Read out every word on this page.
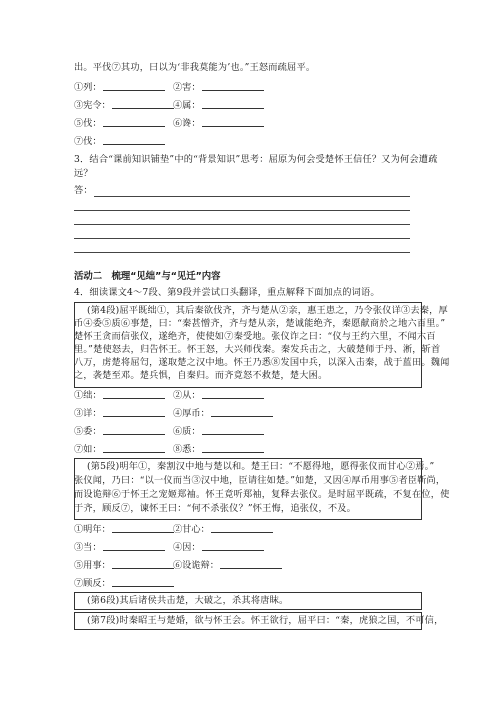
出。平伐⑦其功，曰以为‘非我莫能为’也。”王怒而疏屈平。
①列：	②害：
③宪令：	④属：
⑤伐：	⑥谗：
⑦伐：
3．结合“课前知识铺垫”中的“背景知识”思考：屈原为何会受楚怀王信任？又为何会遭疏
远？
答：
活动二　梳理“见绌”与“见迁”内容
4．细读课文4～7段、第9段并尝试口头翻译，重点解释下面加点的词语。
(第4段)屈平既绌①，其后秦欲伐齐，齐与楚从②亲，惠王患之，乃令张仪详③去秦，厚
币④委⑤质⑥事楚，曰：“秦甚憎齐，齐与楚从亲，楚诚能绝齐，秦愿献商於之地六百里。”
楚怀王贪而信张仪，遂绝齐，使使如⑦秦受地。张仪诈之曰：“仪与王约六里，不闻六百
里。”楚使怒去，归告怀王。怀王怒，大兴师伐秦。秦发兵击之，大破楚师于丹、淅，斩首
八万，虏楚将屈匄，遂取楚之汉中地。怀王乃悉⑧发国中兵，以深入击秦，战于蓝田。魏闻
之，袭楚至邓。楚兵惧，自秦归。而齐竟怒不救楚，楚大困。
①绌：	②从：
③详：	④厚币：
⑤委：	⑥质：
⑦如：	⑧悉：
(第5段)明年①，秦割汉中地与楚以和。楚王曰：“不愿得地，愿得张仪而甘心②焉。”
张仪闻，乃曰：“以一仪而当③汉中地，臣请往如楚。”如楚，又因④厚币用事⑤者臣靳尚，
而设诡辩⑥于怀王之宠姬郑袖。怀王竟听郑袖，复释去张仪。是时屈平既疏，不复在位，使
于齐，顾反⑦，谏怀王曰：“何不杀张仪？”怀王悔，追张仪，不及。
①明年：	②甘心：
③当：	④因：
⑤用事：	⑥设诡辩：
⑦顾反：
(第6段)其后诸侯共击楚，大破之，杀其将唐眜。
(第7段)时秦昭王与楚婚，欲与怀王会。怀王欲行，屈平曰：“秦，虎狼之国，不可信，
